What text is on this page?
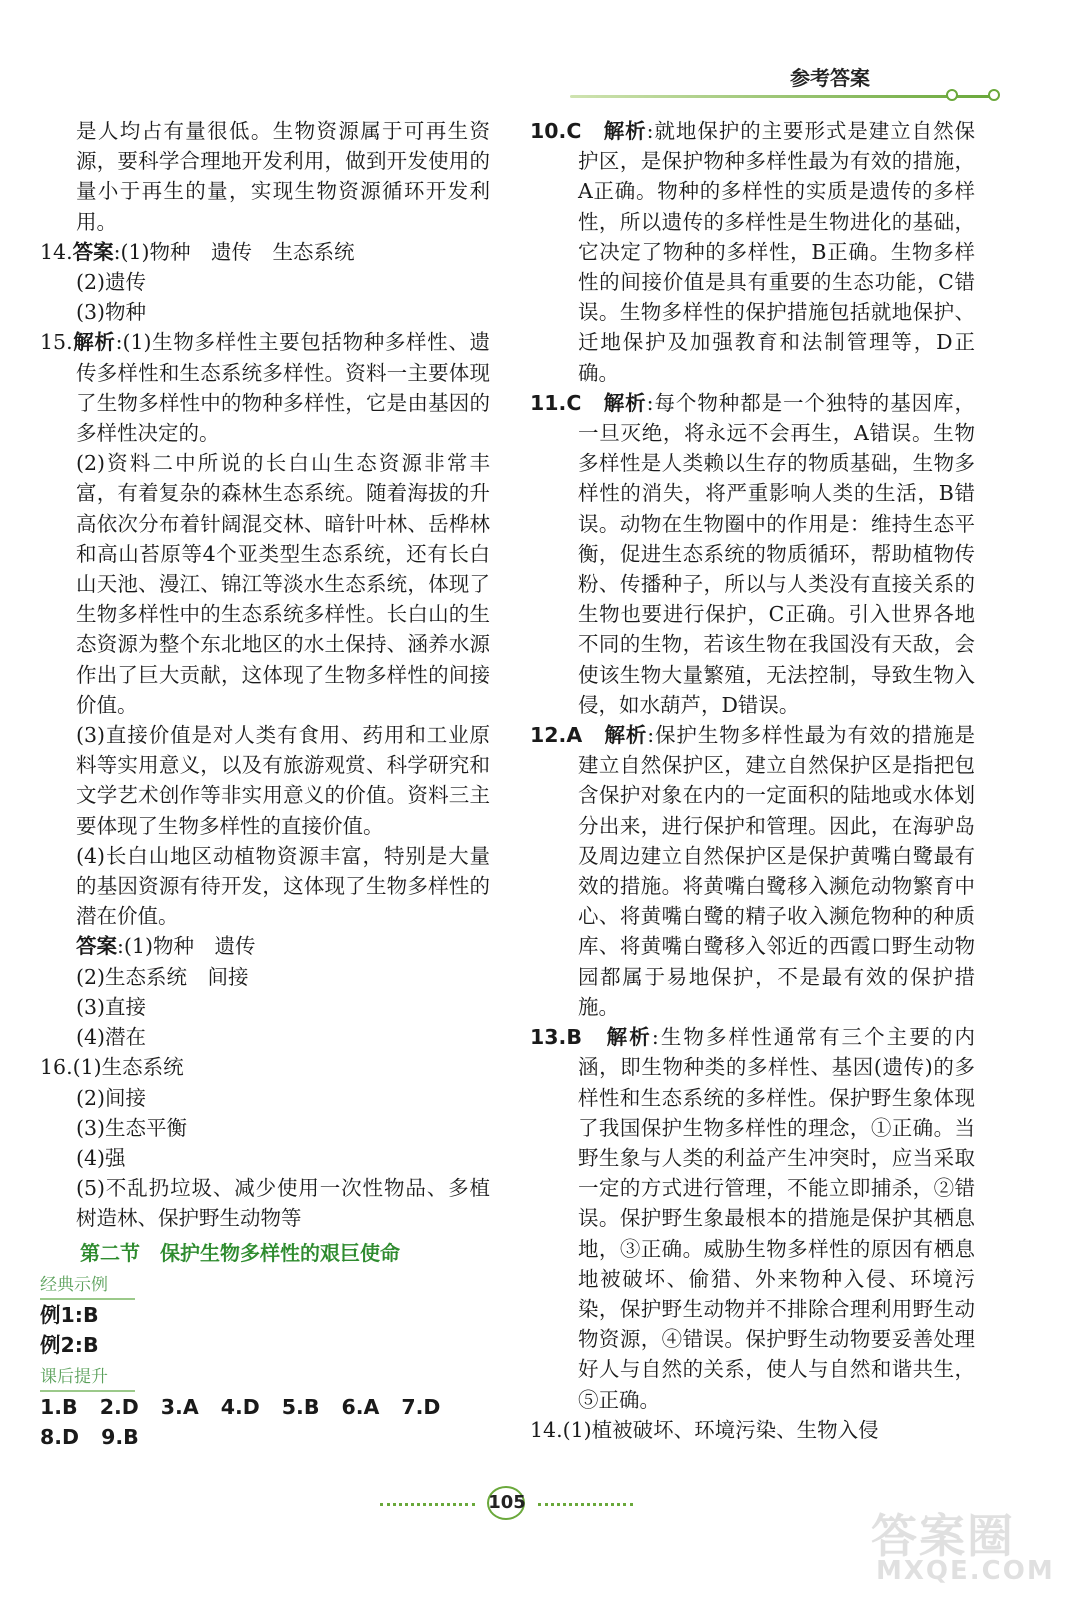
参考答案

是人均占有量很低。生物资源属于可再生资源，要科学合理地开发利用，做到开发使用的量小于再生的量，实现生物资源循环开发利用。

14.答案:(1)物种　遗传　生态系统

(2)遗传

(3)物种

15.解析:(1)生物多样性主要包括物种多样性、遗传多样性和生态系统多样性。资料一主要体现了生物多样性中的物种多样性，它是由基因的多样性决定的。

(2)资料二中所说的长白山生态资源非常丰富，有着复杂的森林生态系统。随着海拔的升高依次分布着针阔混交林、暗针叶林、岳桦林和高山苔原等4个亚类型生态系统，还有长白山天池、漫江、锦江等淡水生态系统，体现了生物多样性中的生态系统多样性。长白山的生态资源为整个东北地区的水土保持、涵养水源作出了巨大贡献，这体现了生物多样性的间接价值。

(3)直接价值是对人类有食用、药用和工业原料等实用意义，以及有旅游观赏、科学研究和文学艺术创作等非实用意义的价值。资料三主要体现了生物多样性的直接价值。

(4)长白山地区动植物资源丰富，特别是大量的基因资源有待开发，这体现了生物多样性的潜在价值。

答案:(1)物种　遗传

(2)生态系统　间接

(3)直接

(4)潜在

16.(1)生态系统

(2)间接

(3)生态平衡

(4)强

(5)不乱扔垃圾、减少使用一次性物品、多植树造林、保护野生动物等

第二节　保护生物多样性的艰巨使命
经典示例

例1:B

例2:B

课后提升

1.B 2.D 3.A 4.D 5.B 6.A 7.D

8.D 9.B

10.C　 解析:就地保护的主要形式是建立自然保护区，是保护物种多样性最为有效的措施，A正确。物种的多样性的实质是遗传的多样性，所以遗传的多样性是生物进化的基础，它决定了物种的多样性，B正确。生物多样性的间接价值是具有重要的生态功能，C错误。生物多样性的保护措施包括就地保护、迁地保护及加强教育和法制管理等，D正确。

11.C　 解析:每个物种都是一个独特的基因库，一旦灭绝，将永远不会再生，A错误。生物多样性是人类赖以生存的物质基础，生物多样性的消失，将严重影响人类的生活，B错误。动物在生物圈中的作用是：维持生态平衡，促进生态系统的物质循环，帮助植物传粉、传播种子，所以与人类没有直接关系的生物也要进行保护，C正确。引入世界各地不同的生物，若该生物在我国没有天敌，会使该生物大量繁殖，无法控制，导致生物入侵，如水葫芦，D错误。

12.A　 解析:保护生物多样性最为有效的措施是建立自然保护区，建立自然保护区是指把包含保护对象在内的一定面积的陆地或水体划分出来，进行保护和管理。因此，在海驴岛及周边建立自然保护区是保护黄嘴白鹭最有效的措施。将黄嘴白鹭移入濒危动物繁育中心、将黄嘴白鹭的精子收入濒危物种的种质库、将黄嘴白鹭移入邻近的西霞口野生动物园都属于易地保护，不是最有效的保护措施。

13.B　 解析:生物多样性通常有三个主要的内涵，即生物种类的多样性、基因(遗传)的多样性和生态系统的多样性。保护野生象体现了我国保护生物多样性的理念，①正确。当野生象与人类的利益产生冲突时，应当采取一定的方式进行管理，不能立即捕杀，②错误。保护野生象最根本的措施是保护其栖息地，③正确。威胁生物多样性的原因有栖息地被破坏、偷猎、外来物种入侵、环境污染，保护野生动物并不排除合理利用野生动物资源，④错误。保护野生动物要妥善处理好人与自然的关系，使人与自然和谐共生，⑤正确。

14.(1)植被破坏、环境污染、生物入侵

105
答案圈
MXQE.COM
